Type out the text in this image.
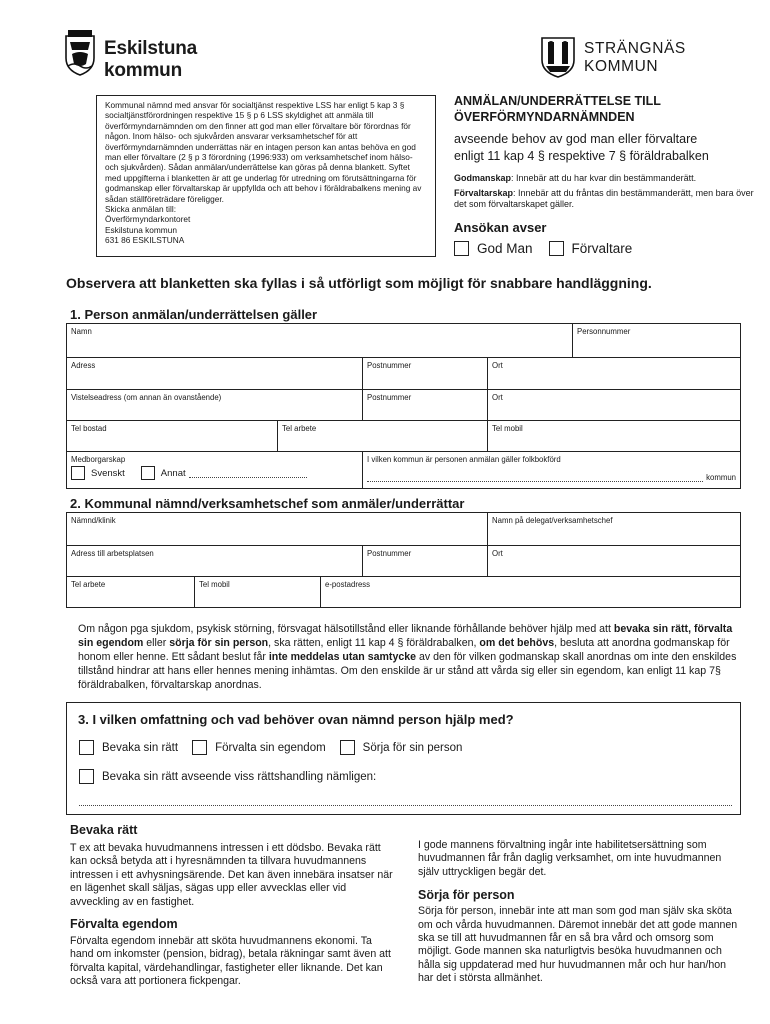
Eskilstuna kommun
STRÄNGNÄS KOMMUN

Kommunal nämnd med ansvar för socialtjänst respektive LSS har enligt 5 kap 3 § socialtjänstförordningen respektive 15 § p 6 LSS skyldighet att anmäla till överförmyndarnämnden om den finner att god man eller förvaltare bör förordnas för någon. Inom hälso- och sjukvården ansvarar verksamhetschef för att överförmyndarnämnden underrättas när en intagen person kan antas behöva en god man eller förvaltare (2 § p 3 förordning (1996:933) om verksamhetschef inom hälso- och sjukvården). Sådan anmälan/underrättelse kan göras på denna blankett. Syftet med uppgifterna i blanketten är att ge underlag för utredning om förutsättningarna för godmanskap eller förvaltarskap är uppfyllda och att behov i föräldrabalkens mening av sådan ställföreträdare föreligger.

Skicka anmälan till:

Överförmyndarkontoret

Eskilstuna kommun

631 86 ESKILSTUNA

ANMÄLAN/UNDERRÄTTELSE TILL
ÖVERFÖRMYNDARNÄMNDEN
avseende behov av god man eller förvaltare
enligt 11 kap 4 § respektive 7 § föräldrabalken
Godmanskap: Innebär att du har kvar din bestämmanderätt.
Förvaltarskap: Innebär att du fråntas din bestämmanderätt, men bara över det som förvaltarskapet gäller.
Ansökan avser
God Man	Förvaltare
Observera att blanketten ska fyllas i så utförligt som möjligt för snabbare handläggning.
1. Person anmälan/underrättelsen gäller
Namn	Personnummer
Adress	Postnummer	Ort
Vistelseadress (om annan än ovanstående)	Postnummer	Ort
Tel bostad	Tel arbete	Tel mobil
Medborgarskap
Svenskt	Annat
I vilken kommun är personen anmälan gäller folkbokförd
kommun
2. Kommunal nämnd/verksamhetschef som anmäler/underrättar
Nämnd/klinik	Namn på delegat/verksamhetschef
Adress till arbetsplatsen	Postnummer	Ort
Tel arbete	Tel mobil	e-postadress

Om någon pga sjukdom, psykisk störning, försvagat hälsotillstånd eller liknande förhållande behöver hjälp med att bevaka sin rätt, förvalta sin egendom eller sörja för sin person, ska rätten, enligt 11 kap 4 § föräldrabalken, om det behövs, besluta att anordna godmanskap för honom eller henne. Ett sådant beslut får inte meddelas utan samtycke av den för vilken godmanskap skall anordnas om inte den enskildes tillstånd hindrar att hans eller hennes mening inhämtas. Om den enskilde är ur stånd att vårda sig eller sin egendom, kan enligt 11 kap 7§ föräldrabalken, förvaltarskap anordnas.

3. I vilken omfattning och vad behöver ovan nämnd person hjälp med?
Bevaka sin rätt	Förvalta sin egendom	Sörja för sin person
Bevaka sin rätt avseende viss rättshandling nämligen:
Bevaka rätt

T ex att bevaka huvudmannens intressen i ett dödsbo. Bevaka rätt kan också betyda att i hyresnämnden ta tillvara huvudmannens intressen i ett avhysningsärende. Det kan även innebära insatser när en lägenhet skall säljas, sägas upp eller avvecklas eller vid avveckling av en fastighet.

Förvalta egendom

Förvalta egendom innebär att sköta huvudmannens ekonomi. Ta hand om inkomster (pension, bidrag), betala räkningar samt även att förvalta kapital, värdehandlingar, fastigheter eller liknande. Det kan också vara att portionera fickpengar.

I gode mannens förvaltning ingår inte habilitetsersättning som huvudmannen får från daglig verksamhet, om inte huvudmannen själv uttryckligen begär det.

Sörja för person

Sörja för person, innebär inte att man som god man själv ska sköta om och vårda huvudmannen. Däremot innebär det att gode mannen ska se till att huvudmannen får en så bra vård och omsorg som möjligt. Gode mannen ska naturligtvis besöka huvudmannen och hålla sig uppdaterad med hur huvudmannen mår och hur han/hon har det i största allmänhet.
